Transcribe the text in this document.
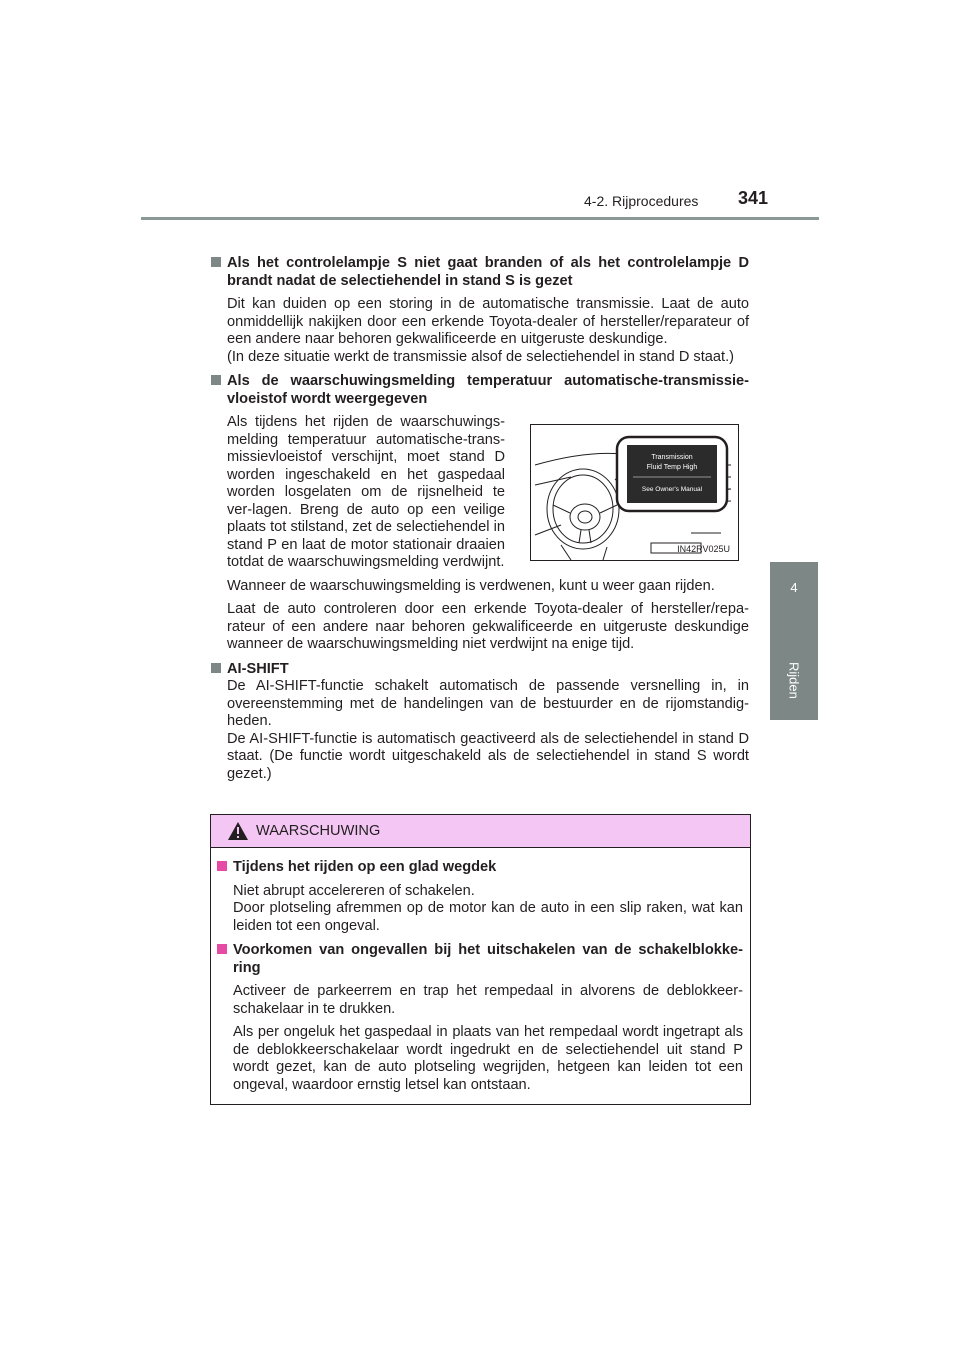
4-2. Rijprocedures 341
4
Rijden
Als het controlelampje S niet gaat branden of als het controlelampje D brandt nadat de selectiehendel in stand S is gezet
Dit kan duiden op een storing in de automatische transmissie. Laat de auto onmiddellijk nakijken door een erkende Toyota-dealer of hersteller/reparateur of een andere naar behoren gekwalificeerde en uitgeruste deskundige.
(In deze situatie werkt de transmissie alsof de selectiehendel in stand D staat.)
Als de waarschuwingsmelding temperatuur automatische-transmissie-vloeistof wordt weergegeven
Als tijdens het rijden de waarschuwings-melding temperatuur automatische-trans-missievloeistof verschijnt, moet stand D worden ingeschakeld en het gaspedaal worden losgelaten om de rijsnelheid te ver-lagen. Breng de auto op een veilige plaats tot stilstand, zet de selectiehendel in stand P en laat de motor stationair draaien totdat de waarschuwingsmelding verdwijnt.
Transmission
Fluid Temp High
See Owner's Manual
IN42RV025U
Wanneer de waarschuwingsmelding is verdwenen, kunt u weer gaan rijden.
Laat de auto controleren door een erkende Toyota-dealer of hersteller/repa-rateur of een andere naar behoren gekwalificeerde en uitgeruste deskundige wanneer de waarschuwingsmelding niet verdwijnt na enige tijd.
AI-SHIFT
De AI-SHIFT-functie schakelt automatisch de passende versnelling in, in overeenstemming met de handelingen van de bestuurder en de rijomstandig-heden.
De AI-SHIFT-functie is automatisch geactiveerd als de selectiehendel in stand D staat. (De functie wordt uitgeschakeld als de selectiehendel in stand S wordt gezet.)
WAARSCHUWING
Tijdens het rijden op een glad wegdek
Niet abrupt accelereren of schakelen.
Door plotseling afremmen op de motor kan de auto in een slip raken, wat kan leiden tot een ongeval.
Voorkomen van ongevallen bij het uitschakelen van de schakelblokke-ring
Activeer de parkeerrem en trap het rempedaal in alvorens de deblokkeer-schakelaar in te drukken.
Als per ongeluk het gaspedaal in plaats van het rempedaal wordt ingetrapt als de deblokkeerschakelaar wordt ingedrukt en de selectiehendel uit stand P wordt gezet, kan de auto plotseling wegrijden, hetgeen kan leiden tot een ongeval, waardoor ernstig letsel kan ontstaan.
